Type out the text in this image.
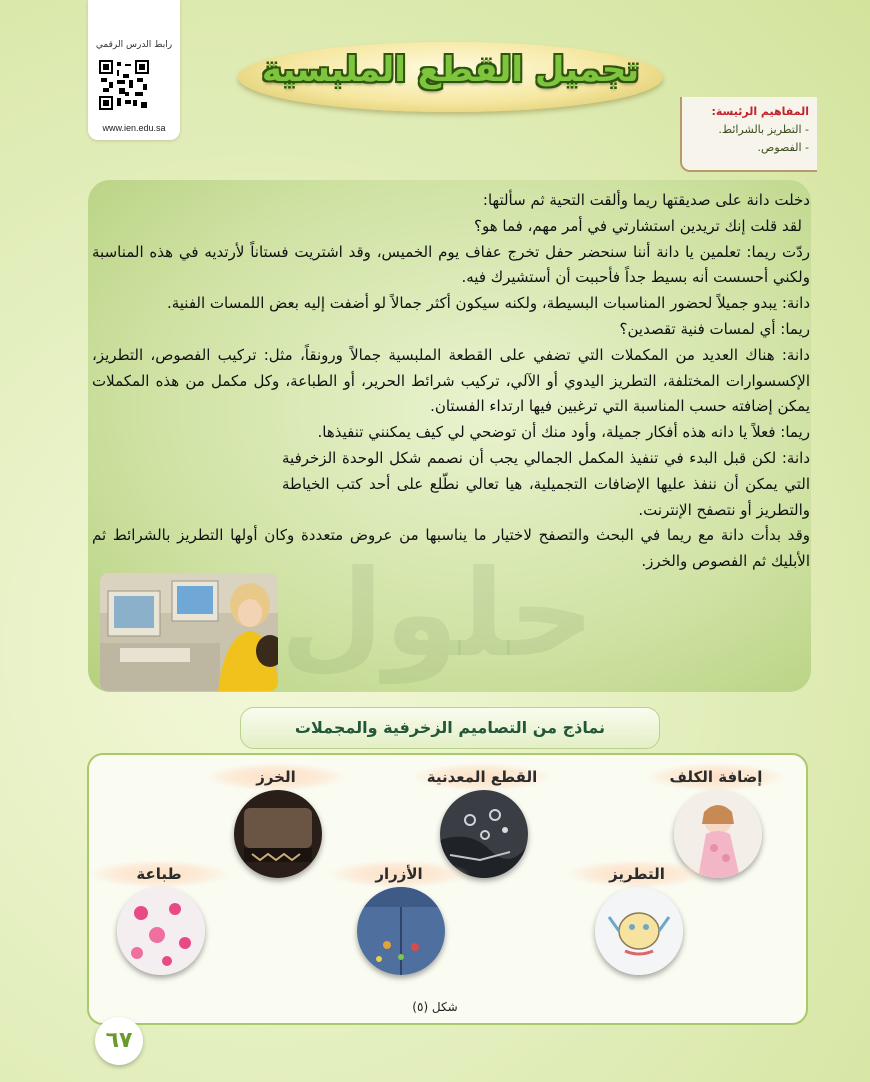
رابط الدرس الرقمي
www.ien.edu.sa
تجميل القطع الملبسية
المفاهيم الرئيسة:
- التطريز بالشرائط.
- الفصوص.

دخلت دانة على صديقتها ريما وألقت التحية ثم سألتها:

لقد قلت إنك تريدين استشارتي في أمر مهم، فما هو؟

ردّت ريما: تعلمين يا دانة أننا سنحضر حفل تخرج عفاف يوم الخميس، وقد اشتريت فستاناً لأرتديه في هذه المناسبة ولكني أحسست أنه بسيط جداً فأحببت أن أستشيرك فيه.

دانة: يبدو جميلاً لحضور المناسبات البسيطة، ولكنه سيكون أكثر جمالاً لو أضفت إليه بعض اللمسات الفنية.

ريما: أي لمسات فنية تقصدين؟

دانة: هناك العديد من المكملات التي تضفي على القطعة الملبسية جمالاً ورونقاً، مثل: تركيب الفصوص، التطريز، الإكسسوارات المختلفة، التطريز اليدوي أو الآلي، تركيب شرائط الحرير، أو الطباعة، وكل مكمل من هذه المكملات يمكن إضافته حسب المناسبة التي ترغبين فيها ارتداء الفستان.

ريما: فعلاً يا دانه هذه أفكار جميلة، وأود منك أن توضحي لي كيف يمكنني تنفيذها.

دانة: لكن قبل البدء في تنفيذ المكمل الجمالي يجب أن نصمم شكل الوحدة الزخرفية التي يمكن أن ننفذ عليها الإضافات التجميلية، هيا تعالي نطّلع على أحد كتب الخياطة والتطريز أو نتصفح الإنترنت.

وقد بدأت دانة مع ريما في البحث والتصفح لاختيار ما يناسبها من عروض متعددة وكان أولها التطريز بالشرائط ثم الأبليك ثم الفصوص والخرز.

نماذج من التصاميم الزخرفية والمجملات
إضافة الكلف
القطع المعدنية
الخرز
التطريز
الأزرار
طباعة
شكل (٥)
٦٧
